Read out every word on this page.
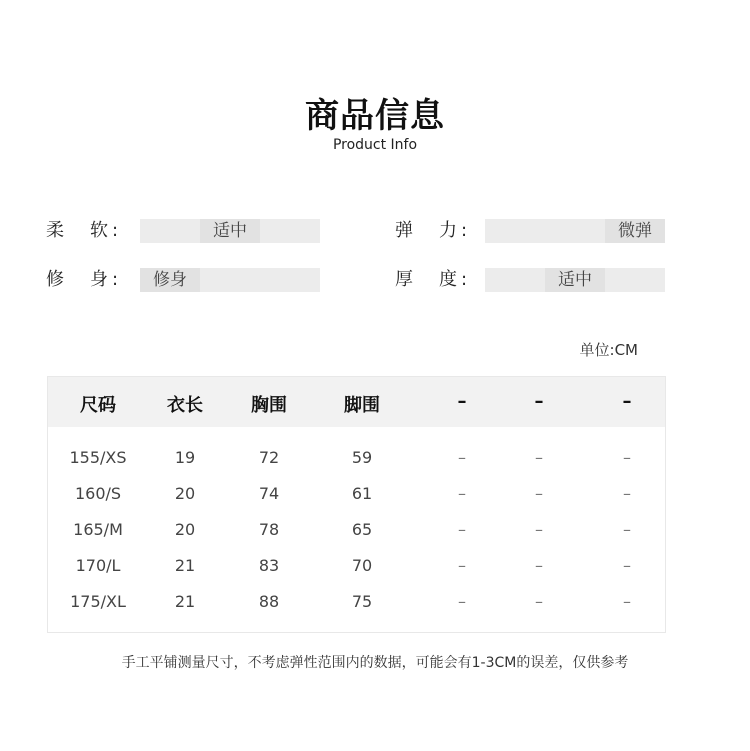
商品信息
Product Info
柔 软 :	适中	弹 力 :	微弹
修 身 :	修身	厚 度 :	适中
单位:CM
尺码	衣长	胸围	脚围	–	–	–
155/XS	19	72	59	–	–	–
160/S	20	74	61	–	–	–
165/M	20	78	65	–	–	–
170/L	21	83	70	–	–	–
175/XL	21	88	75	–	–	–
手工平铺测量尺寸，不考虑弹性范围内的数据，可能会有1-3CM的误差，仅供参考
